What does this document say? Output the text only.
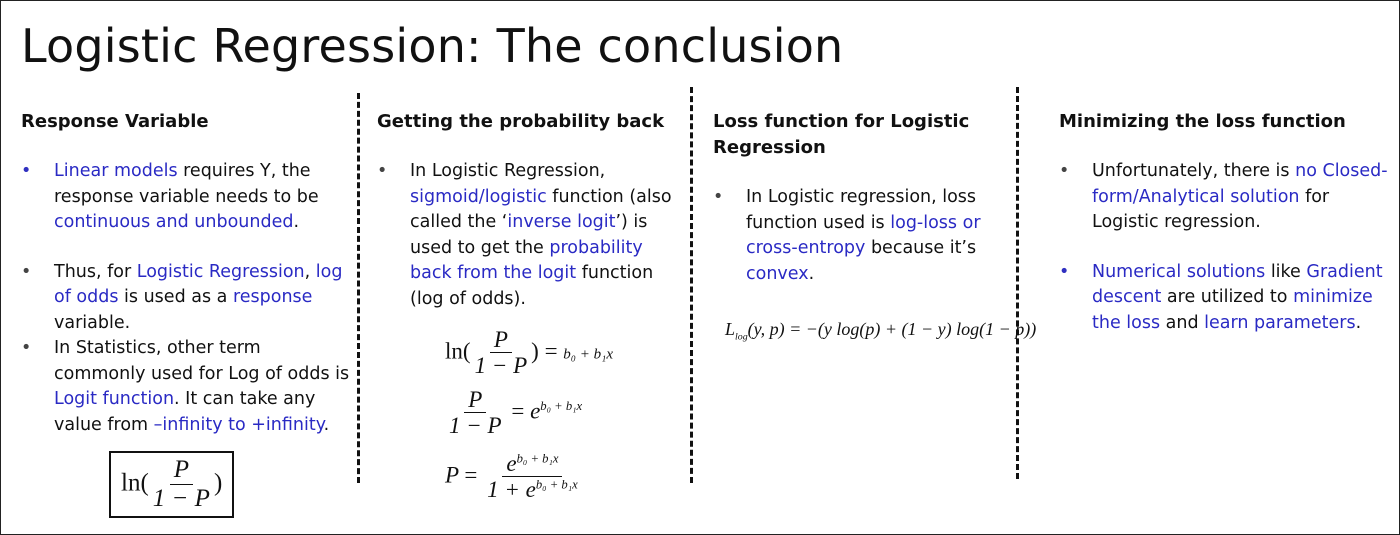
Logistic Regression: The conclusion
Response Variable
• Linear models requires Y, the response variable needs to be continuous and unbounded.
• Thus, for Logistic Regression, log of odds is used as a response variable.
• In Statistics, other term commonly used for Log of odds is Logit function. It can take any value from –infinity to +infinity.
Getting the probability back
• In Logistic Regression, sigmoid/logistic function (also called the ‘inverse logit’) is used to get the probability back from the logit function (log of odds).
Loss function for Logistic Regression
• In Logistic regression, loss function used is log-loss or cross-entropy because it’s convex.
Minimizing the loss function
• Unfortunately, there is no Closed-form/Analytical solution for Logistic regression.
• Numerical solutions like Gradient descent are utilized to minimize the loss and learn parameters.
$\ln( \frac{P}{1 - P}$ )
$\ln( \frac{P}{1 - P}$ ) = b₀ + b₁x
$\frac{P}{1 - P} = e^{b_0 + b_1x}$
$P = \frac{e^{b_0 + b_1x}}{1 + e^{b_0 + b_1x}}$
$L_{log}(y$, p) = −(y log(p) + (1 − y) log(1 − p))
